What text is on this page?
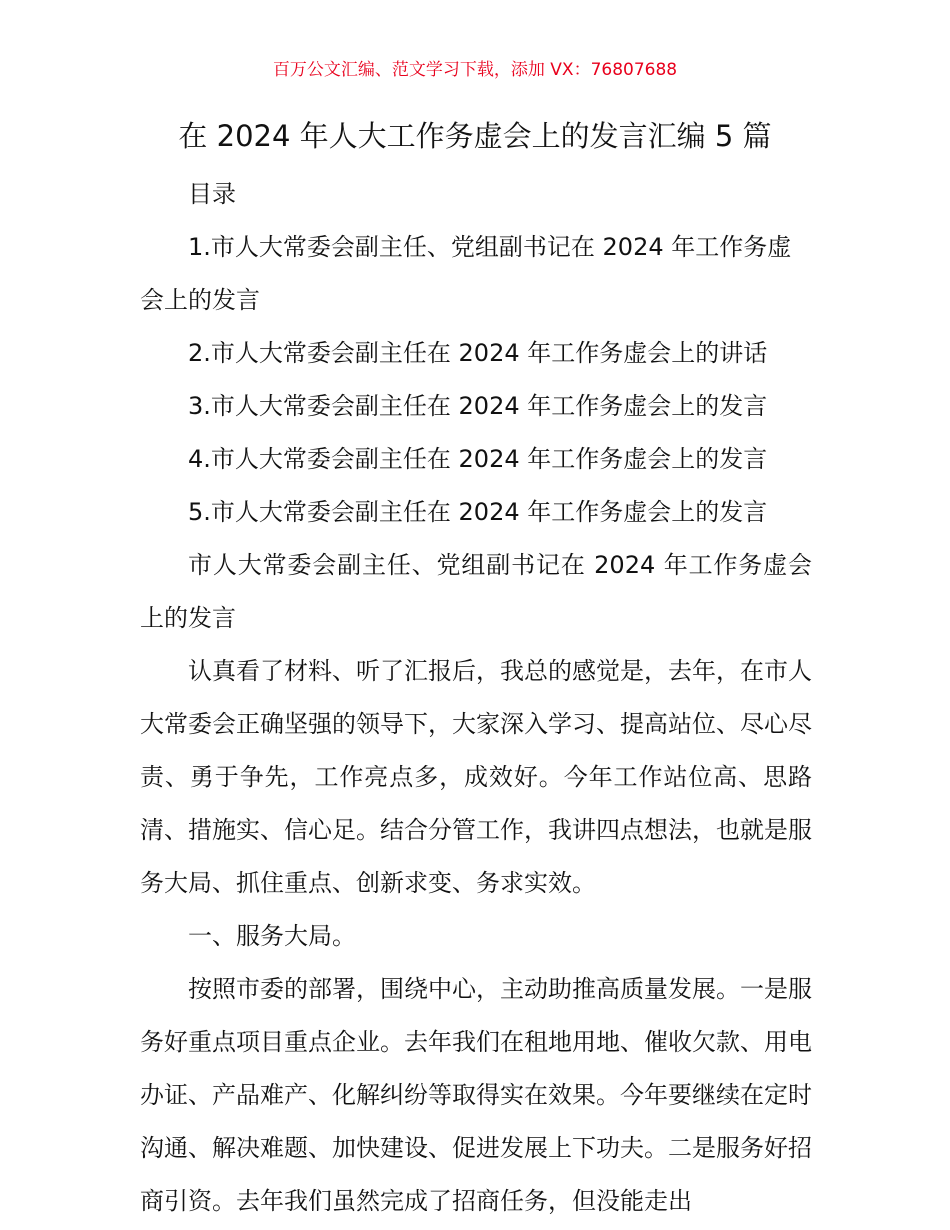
百万公文汇编、范文学习下载，添加 VX：76807688
在 2024 年人大工作务虚会上的发言汇编 5 篇

目录

1.市人大常委会副主任、党组副书记在 2024 年工作务虚会上的发言

2.市人大常委会副主任在 2024 年工作务虚会上的讲话

3.市人大常委会副主任在 2024 年工作务虚会上的发言

4.市人大常委会副主任在 2024 年工作务虚会上的发言

5.市人大常委会副主任在 2024 年工作务虚会上的发言

市人大常委会副主任、党组副书记在 2024 年工作务虚会上的发言

认真看了材料、听了汇报后，我总的感觉是，去年，在市人大常委会正确坚强的领导下，大家深入学习、提高站位、尽心尽责、勇于争先，工作亮点多，成效好。今年工作站位高、思路清、措施实、信心足。结合分管工作，我讲四点想法，也就是服务大局、抓住重点、创新求变、务求实效。

一、服务大局。

按照市委的部署，围绕中心，主动助推高质量发展。一是服务好重点项目重点企业。去年我们在租地用地、催收欠款、用电办证、产品难产、化解纠纷等取得实在效果。今年要继续在定时沟通、解决难题、加快建设、促进发展上下功夫。二是服务好招商引资。去年我们虽然完成了招商任务，但没能走出
